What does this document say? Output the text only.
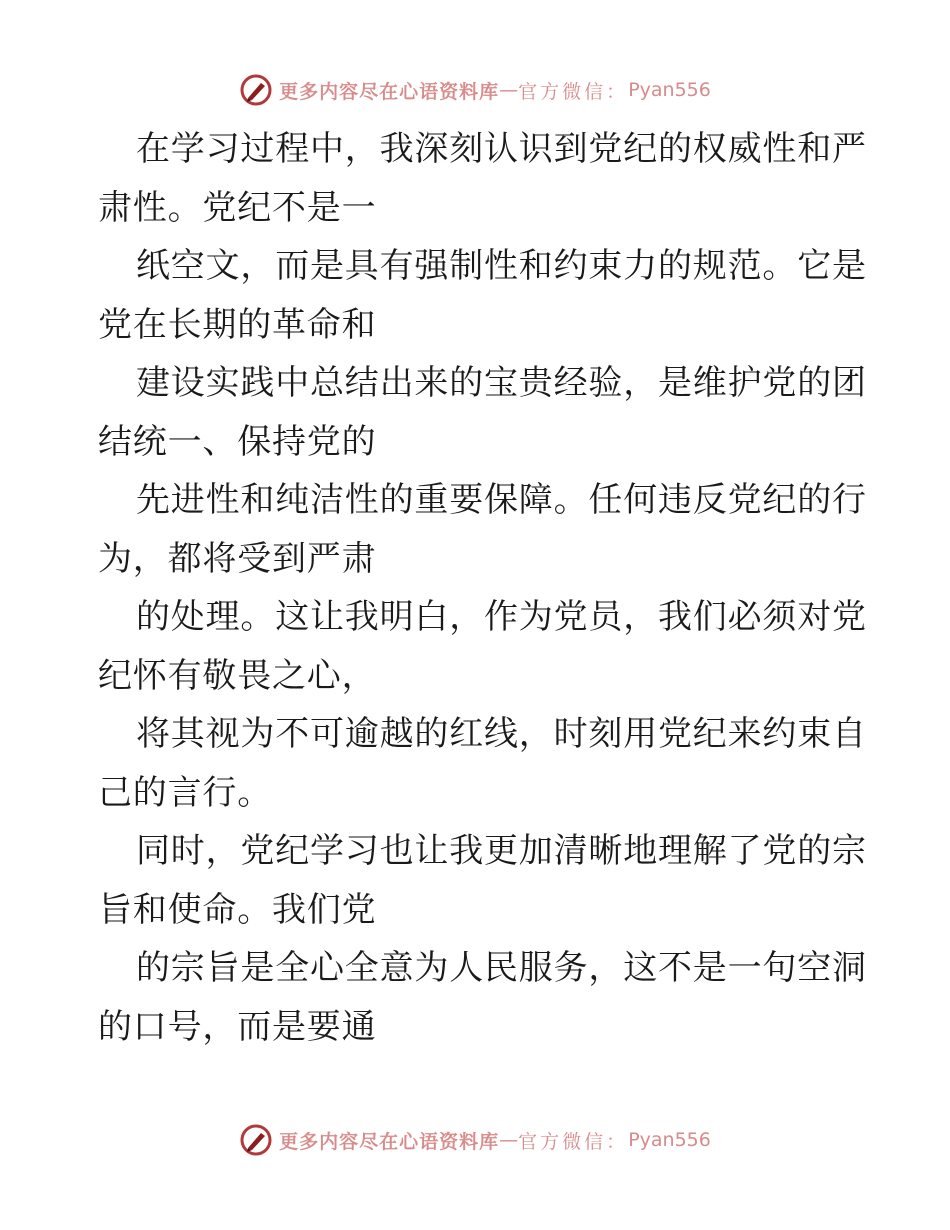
更多内容尽在心语资料库 — 官方微信： Pyan556
在学习过程中，我深刻认识到党纪的权威性和严
肃性。党纪不是一
纸空文，而是具有强制性和约束力的规范。它是
党在长期的革命和
建设实践中总结出来的宝贵经验，是维护党的团
结统一、保持党的
先进性和纯洁性的重要保障。任何违反党纪的行
为，都将受到严肃
的处理。这让我明白，作为党员，我们必须对党
纪怀有敬畏之心，
将其视为不可逾越的红线，时刻用党纪来约束自
己的言行。
同时，党纪学习也让我更加清晰地理解了党的宗
旨和使命。我们党
的宗旨是全心全意为人民服务，这不是一句空洞
的口号，而是要通
更多内容尽在心语资料库 — 官方微信： Pyan556
